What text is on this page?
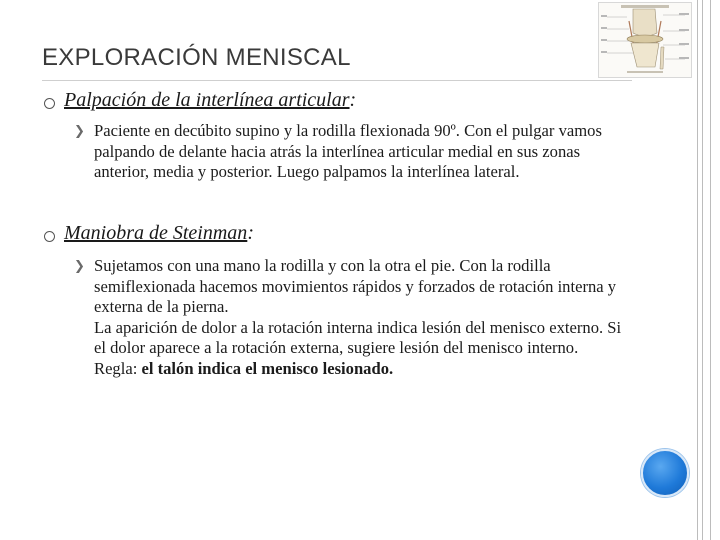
EXPLORACIÓN MENISCAL
Palpación de la interlínea articular:
❯ Paciente en decúbito supino y la rodilla flexionada 90º. Con el pulgar vamos palpando de delante hacia atrás la interlínea articular medial en sus zonas anterior, media y posterior. Luego palpamos la interlínea lateral.
Maniobra de Steinman:
❯ Sujetamos con una mano la rodilla y con la otra el pie. Con la rodilla semiflexionada hacemos movimientos rápidos y forzados de rotación interna y externa de la pierna.
La aparición de dolor a la rotación interna indica lesión del menisco externo. Si el dolor aparece a la rotación externa, sugiere lesión del menisco interno. Regla: el talón indica el menisco lesionado.
